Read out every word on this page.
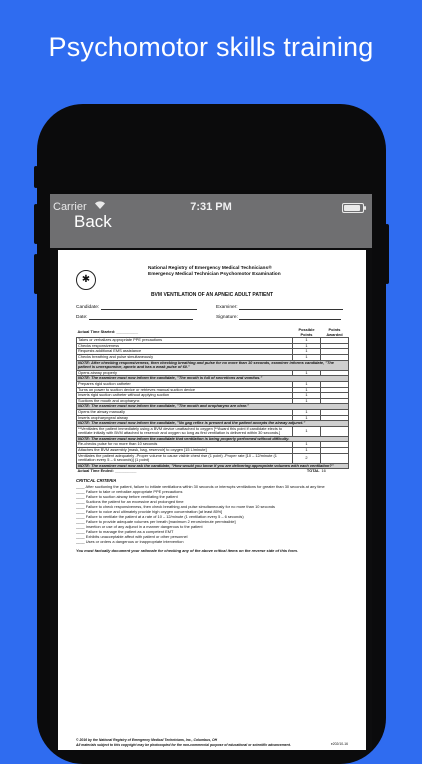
Psychomotor skills training
Carrier	7:31 PM
Back
✱
National Registry of Emergency Medical Technicians®
Emergency Medical Technician Psychomotor Examination
BVM VENTILATION OF AN APNEIC ADULT PATIENT
Candidate:	Examiner:
Date:	Signature:
Actual Time Started: __________	Possible Points	Points Awarded
Takes or verbalizes appropriate PPE precautions	1	
Checks responsiveness	1	
Requests additional EMS assistance	1	
Checks breathing and pulse simultaneously	1	
NOTE: After checking responsiveness, then checking breathing and pulse for no more than 10 seconds, examiner informs candidate, "The patient is unresponsive, apneic and has a weak pulse of 60."		
Opens airway properly	1	
NOTE: The examiner must now inform the candidate, "The mouth is full of secretions and vomitus."		
Prepares rigid suction catheter	1	
Turns on power to suction device or retrieves manual suction device	1	
Inserts rigid suction catheter without applying suction	1	
Suctions the mouth and oropharynx	1	
NOTE: The examiner must now inform the candidate, "The mouth and oropharynx are clear."		
Opens the airway manually	1	
Inserts oropharyngeal airway	1	
NOTE: The examiner must now inform the candidate, "No gag reflex is present and the patient accepts the airway adjunct."		
**Ventilates the patient immediately using a BVM device unattached to oxygen [**Award this point if candidate elects to ventilate initially with BVM attached to reservoir and oxygen so long as first ventilation is delivered within 30 seconds.]	1	
NOTE: The examiner must now inform the candidate that ventilation is being properly performed without difficulty.		
Re-checks pulse for no more than 10 seconds	1	
Attaches the BVM assembly [mask, bag, reservoir] to oxygen [15 L/minute]	1	
Ventilates the patient adequately -Proper volume to cause visible chest rise (1 point) -Proper rate [10 – 12/minute (1 ventilation every 5 – 6 seconds)] (1 point)	2	
NOTE: The examiner must now ask the candidate, "How would you know if you are delivering appropriate volumes with each ventilation?"		
Actual Time Ended: __________	TOTAL	16
CRITICAL CRITERIA
____ After suctioning the patient, failure to initiate ventilations within 30 seconds or interrupts ventilations for greater than 30 seconds at any time
____ Failure to take or verbalize appropriate PPE precautions
____ Failure to suction airway before ventilating the patient
____ Suctions the patient for an excessive and prolonged time
____ Failure to check responsiveness, then check breathing and pulse simultaneously for no more than 10 seconds
____ Failure to voice and ultimately provide high oxygen concentration [at least 85%]
____ Failure to ventilate the patient at a rate of 10 – 12/minute (1 ventilation every 5 – 6 seconds)
____ Failure to provide adequate volumes per breath [maximum 2 errors/minute permissible]
____ Insertion or use of any adjunct in a manner dangerous to the patient
____ Failure to manage the patient as a competent EMT
____ Exhibits unacceptable affect with patient or other personnel
____ Uses or orders a dangerous or inappropriate intervention
You must factually document your rationale for checking any of the above critical items on the reverse side of this form.
© 2016 by the National Registry of Emergency Medical Technicians, Inc., Columbus, OH
All materials subject to this copyright may be photocopied for the non-commercial purpose of educational or scientific advancement.	e202/10-16
